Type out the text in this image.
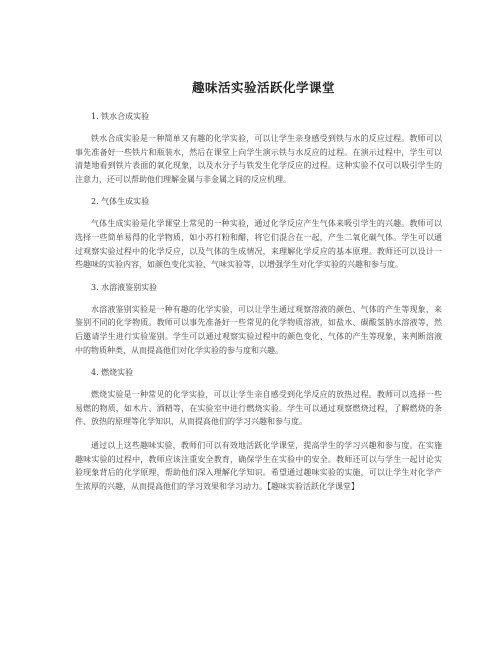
趣味活实验活跃化学课堂

1. 铁水合成实验

铁水合成实验是一种简单又有趣的化学实验，可以让学生亲身感受到铁与水的反应过程。教师可以事先准备好一些铁片和瓶装水，然后在课堂上向学生演示铁与水反应的过程。在演示过程中，学生可以清楚地看到铁片表面的氧化现象，以及水分子与铁发生化学反应的过程。这种实验不仅可以吸引学生的注意力，还可以帮助他们理解金属与非金属之间的反应机理。

2. 气体生成实验

气体生成实验是化学课堂上常见的一种实验，通过化学反应产生气体来吸引学生的兴趣。教师可以选择一些简单易得的化学物质，如小苏打粉和醋，将它们混合在一起，产生二氧化碳气体。学生可以通过观察实验过程中的化学反应，以及气体的生成情况，来理解化学反应的基本原理。教师还可以设计一些趣味的实验内容，如颜色变化实验、气味实验等，以增强学生对化学实验的兴趣和参与度。

3. 水溶液鉴别实验

水溶液鉴别实验是一种有趣的化学实验，可以让学生通过观察溶液的颜色、气体的产生等现象，来鉴别不同的化学物质。教师可以事先准备好一些常见的化学物质溶液，如盐水、碳酸氢钠水溶液等，然后邀请学生进行实验鉴别。学生可以通过观察实验过程中的颜色变化、气体的产生等现象，来判断溶液中的物质种类，从而提高他们对化学实验的参与度和兴趣。

4. 燃烧实验

燃烧实验是一种常见的化学实验，可以让学生亲自感受到化学反应的放热过程。教师可以选择一些易燃的物质，如木片、酒精等，在实验室中进行燃烧实验。学生可以通过观察燃烧过程，了解燃烧的条件、放热的原理等化学知识，从而提高他们的学习兴趣和参与度。

通过以上这些趣味实验，教师们可以有效地活跃化学课堂，提高学生的学习兴趣和参与度。在实施趣味实验的过程中，教师应该注重安全教育，确保学生在实验中的安全。教师还可以与学生一起讨论实验现象背后的化学原理，帮助他们深入理解化学知识。希望通过趣味实验的实施，可以让学生对化学产生浓厚的兴趣，从而提高他们的学习效果和学习动力。【趣味实验活跃化学课堂】
